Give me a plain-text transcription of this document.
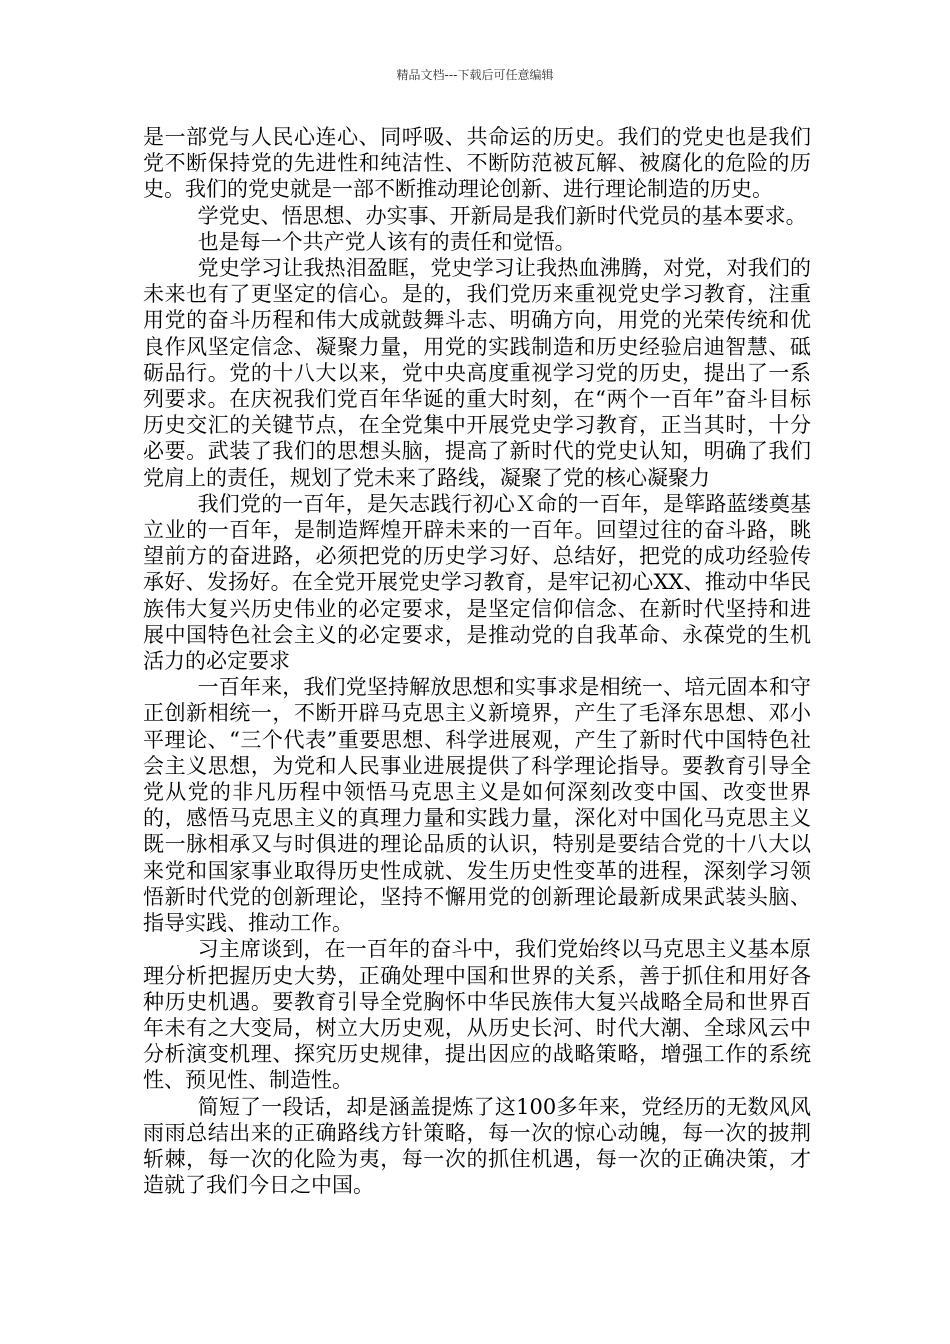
精品文档---下载后可任意编辑

是一部党与人民心连心、同呼吸、共命运的历史。我们的党史也是我们党不断保持党的先进性和纯洁性、不断防范被瓦解、被腐化的危险的历史。我们的党史就是一部不断推动理论创新、进行理论制造的历史。

学党史、悟思想、办实事、开新局是我们新时代党员的基本要求。

也是每一个共产党人该有的责任和觉悟。

党史学习让我热泪盈眶，党史学习让我热血沸腾，对党，对我们的未来也有了更坚定的信心。是的，我们党历来重视党史学习教育，注重用党的奋斗历程和伟大成就鼓舞斗志、明确方向，用党的光荣传统和优良作风坚定信念、凝聚力量，用党的实践制造和历史经验启迪智慧、砥砺品行。党的十八大以来，党中央高度重视学习党的历史，提出了一系列要求。在庆祝我们党百年华诞的重大时刻，在“两个一百年”奋斗目标历史交汇的关键节点，在全党集中开展党史学习教育，正当其时，十分必要。武装了我们的思想头脑，提高了新时代的党史认知，明确了我们党肩上的责任，规划了党未来了路线，凝聚了党的核心凝聚力

我们党的一百年，是矢志践行初心Ｘ命的一百年，是筚路蓝缕奠基立业的一百年，是制造辉煌开辟未来的一百年。回望过往的奋斗路，眺望前方的奋进路，必须把党的历史学习好、总结好，把党的成功经验传承好、发扬好。在全党开展党史学习教育，是牢记初心XX、推动中华民族伟大复兴历史伟业的必定要求，是坚定信仰信念、在新时代坚持和进展中国特色社会主义的必定要求，是推动党的自我革命、永葆党的生机活力的必定要求

一百年来，我们党坚持解放思想和实事求是相统一、培元固本和守正创新相统一，不断开辟马克思主义新境界，产生了毛泽东思想、邓小平理论、“三个代表”重要思想、科学进展观，产生了新时代中国特色社会主义思想，为党和人民事业进展提供了科学理论指导。要教育引导全党从党的非凡历程中领悟马克思主义是如何深刻改变中国、改变世界的，感悟马克思主义的真理力量和实践力量，深化对中国化马克思主义既一脉相承又与时俱进的理论品质的认识，特别是要结合党的十八大以来党和国家事业取得历史性成就、发生历史性变革的进程，深刻学习领悟新时代党的创新理论，坚持不懈用党的创新理论最新成果武装头脑、指导实践、推动工作。

习主席谈到，在一百年的奋斗中，我们党始终以马克思主义基本原理分析把握历史大势，正确处理中国和世界的关系，善于抓住和用好各种历史机遇。要教育引导全党胸怀中华民族伟大复兴战略全局和世界百年未有之大变局，树立大历史观，从历史长河、时代大潮、全球风云中分析演变机理、探究历史规律，提出因应的战略策略，增强工作的系统性、预见性、制造性。

简短了一段话，却是涵盖提炼了这100多年来，党经历的无数风风雨雨总结出来的正确路线方针策略，每一次的惊心动魄，每一次的披荆斩棘，每一次的化险为夷，每一次的抓住机遇，每一次的正确决策，才造就了我们今日之中国。
